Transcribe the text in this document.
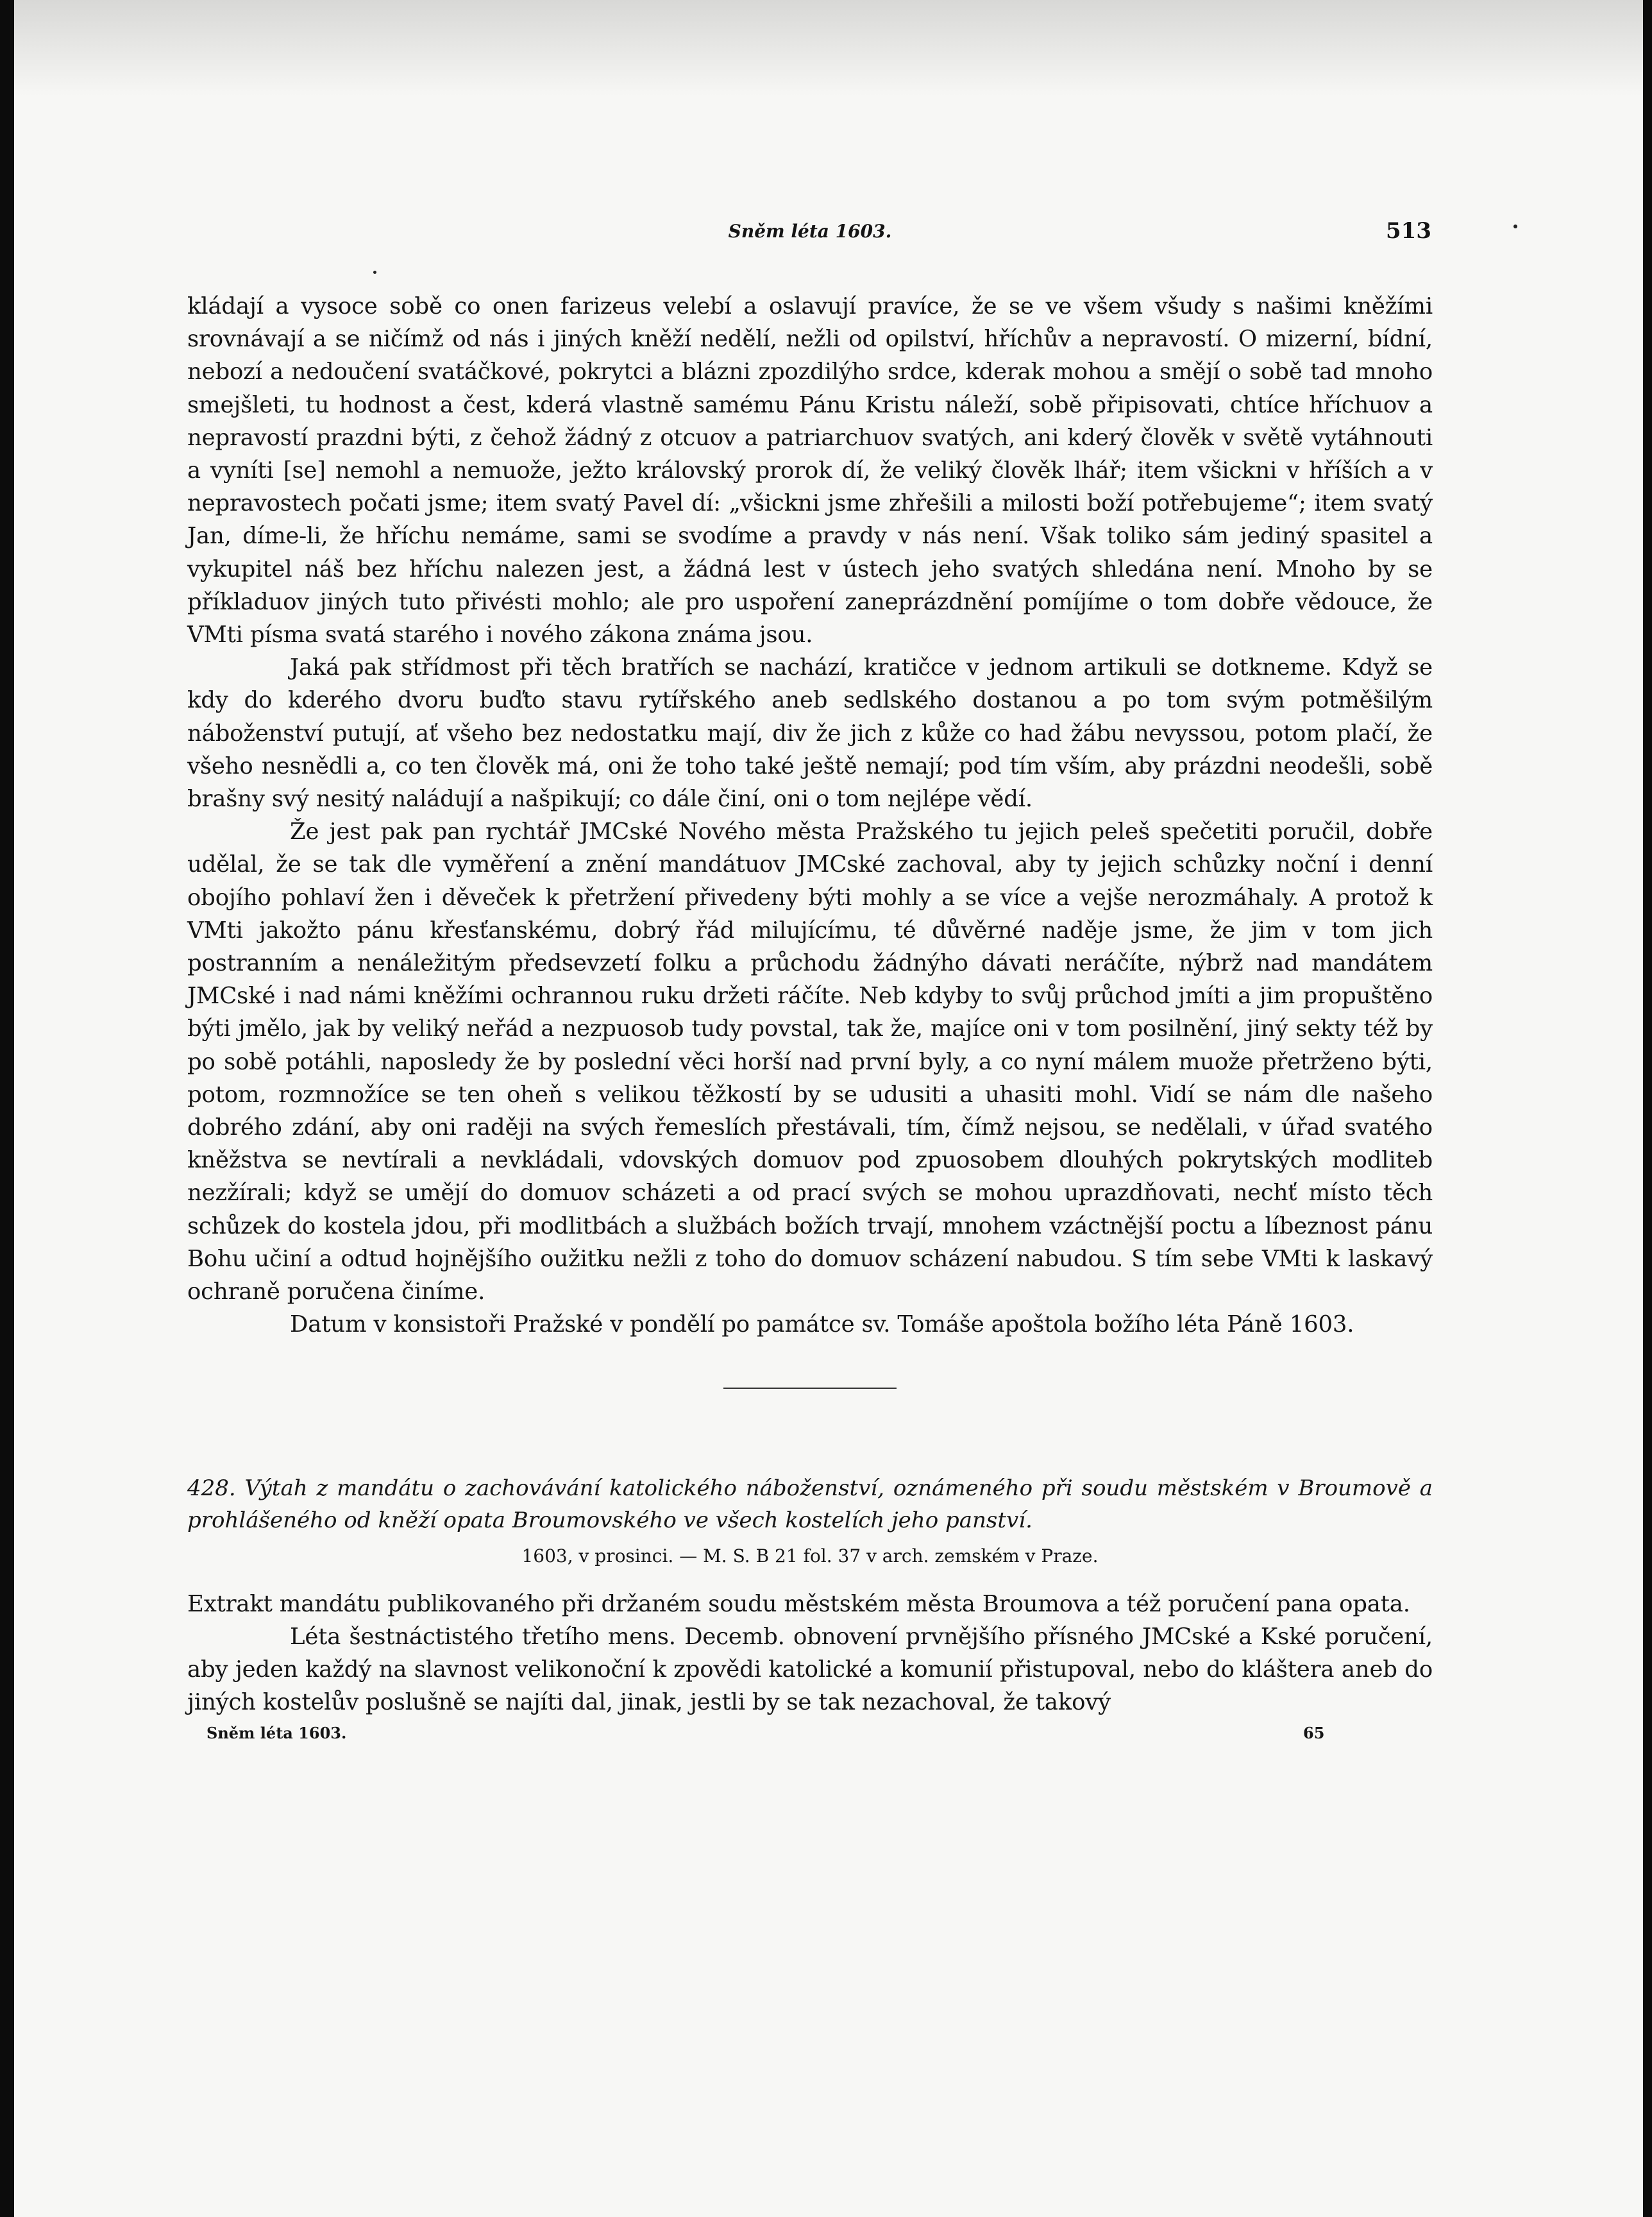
Sněm léta 1603.	513

kládají a vysoce sobě co onen farizeus velebí a oslavují pravíce, že se ve všem všudy s našimi kněžími srovnávají a se ničímž od nás i jiných kněží nedělí, nežli od opilství, hříchův a nepravostí. O mizerní, bídní, nebozí a nedoučení svatáčkové, pokrytci a blázni zpozdilýho srdce, kderak mohou a smějí o sobě tad mnoho smejšleti, tu hodnost a čest, kderá vlastně samému Pánu Kristu náleží, sobě připisovati, chtíce hříchuov a nepravostí prazdni býti, z čehož žádný z otcuov a patriarchuov svatých, ani kderý člověk v světě vytáhnouti a vyníti [se] nemohl a nemuože, ježto královský prorok dí, že veliký člověk lhář; item všickni v hříších a v nepravostech počati jsme; item svatý Pavel dí: „všickni jsme zhřešili a milosti boží potřebujeme“; item svatý Jan, díme-li, že hříchu nemáme, sami se svodíme a pravdy v nás není. Však toliko sám jediný spasitel a vykupitel náš bez hříchu nalezen jest, a žádná lest v ústech jeho svatých shledána není. Mnoho by se příkladuov jiných tuto přivésti mohlo; ale pro uspoření zaneprázdnění pomíjíme o tom dobře vědouce, že VMti písma svatá starého i nového zákona známa jsou.

Jaká pak střídmost při těch bratřích se nachází, kratičce v jednom artikuli se dotkneme. Když se kdy do kderého dvoru buďto stavu rytířského aneb sedlského dostanou a po tom svým potměšilým náboženství putují, ať všeho bez nedostatku mají, div že jich z kůže co had žábu nevyssou, potom plačí, že všeho nesnědli a, co ten člověk má, oni že toho také ještě nemají; pod tím vším, aby prázdni neodešli, sobě brašny svý nesitý naládují a našpikují; co dále činí, oni o tom nejlépe vědí.

Že jest pak pan rychtář JMCské Nového města Pražského tu jejich peleš spečetiti poručil, dobře udělal, že se tak dle vyměření a znění mandátuov JMCské zachoval, aby ty jejich schůzky noční i denní obojího pohlaví žen i děveček k přetržení přivedeny býti mohly a se více a vejše nerozmáhaly. A protož k VMti jakožto pánu křesťanskému, dobrý řád milujícímu, té důvěrné naděje jsme, že jim v tom jich postranním a nenáležitým předsevzetí folku a průchodu žádnýho dávati neráčíte, nýbrž nad mandátem JMCské i nad námi kněžími ochrannou ruku držeti ráčíte. Neb kdyby to svůj průchod jmíti a jim propuštěno býti jmělo, jak by veliký neřád a nezpuosob tudy povstal, tak že, majíce oni v tom posilnění, jiný sekty též by po sobě potáhli, naposledy že by poslední věci horší nad první byly, a co nyní málem muože přetrženo býti, potom, rozmnožíce se ten oheň s velikou těžkostí by se udusiti a uhasiti mohl. Vidí se nám dle našeho dobrého zdání, aby oni raději na svých řemeslích přestávali, tím, čímž nejsou, se nedělali, v úřad svatého kněžstva se nevtírali a nevkládali, vdovských domuov pod zpuosobem dlouhých pokrytských modliteb nezžírali; když se umějí do domuov scházeti a od prací svých se mohou uprazdňovati, nechť místo těch schůzek do kostela jdou, při modlitbách a službách božích trvají, mnohem vzáctnější poctu a líbeznost pánu Bohu učiní a odtud hojnějšího oužitku nežli z toho do domuov scházení nabudou. S tím sebe VMti k laskavý ochraně poručena činíme.

Datum v konsistoři Pražské v pondělí po památce sv. Tomáše apoštola božího léta Páně 1603.

428. Výtah z mandátu o zachovávání katolického náboženství, oznámeného při soudu městském v Broumově a prohlášeného od kněží opata Broumovského ve všech kostelích jeho panství.
1603, v prosinci. — M. S. B 21 fol. 37 v arch. zemském v Praze.

Extrakt mandátu publikovaného při držaném soudu městském města Broumova a též poručení pana opata.

Léta šestnáctistého třetího mens. Decemb. obnovení prvnějšího přísného JMCské a Kské poručení, aby jeden každý na slavnost velikonoční k zpovědi katolické a komunií přistupoval, nebo do kláštera aneb do jiných kostelův poslušně se najíti dal, jinak, jestli by se tak nezachoval, že takový

Sněm léta 1603.	65
